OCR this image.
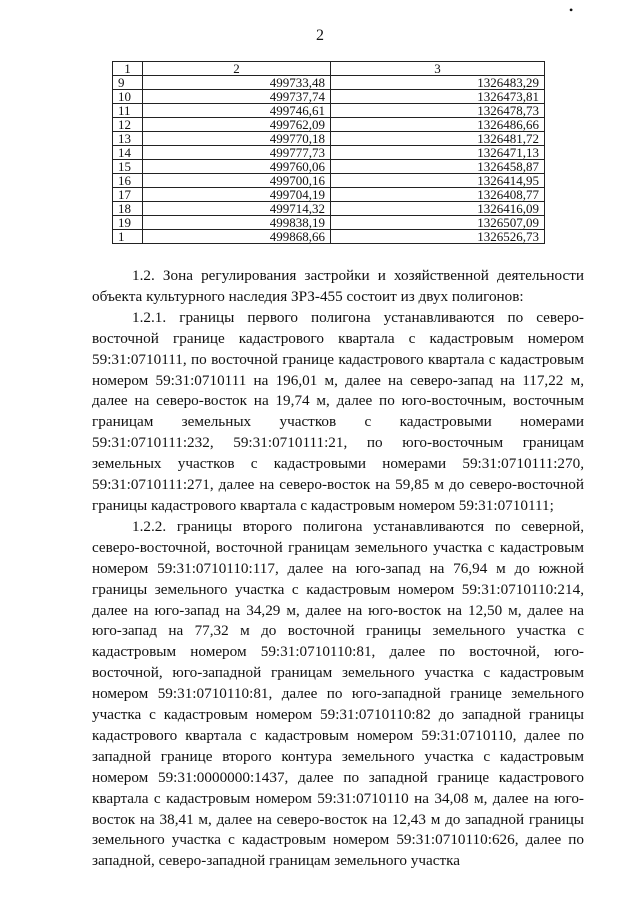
•
2
1	2	3
9	499733,48	1326483,29
10	499737,74	1326473,81
11	499746,61	1326478,73
12	499762,09	1326486,66
13	499770,18	1326481,72
14	499777,73	1326471,13
15	499760,06	1326458,87
16	499700,16	1326414,95
17	499704,19	1326408,77
18	499714,32	1326416,09
19	499838,19	1326507,09
1	499868,66	1326526,73

1.2. Зона регулирования застройки и хозяйственной деятельности объекта культурного наследия ЗРЗ-455 состоит из двух полигонов:

1.2.1. границы первого полигона устанавливаются по северо-восточной границе кадастрового квартала с кадастровым номером 59:31:0710111, по восточной границе кадастрового квартала с кадастровым номером 59:31:0710111 на 196,01 м, далее на северо-запад на 117,22 м, далее на северо-восток на 19,74 м, далее по юго-восточным, восточным границам земельных участков с кадастровыми номерами 59:31:0710111:232, 59:31:0710111:21, по юго-восточным границам земельных участков с кадастровыми номерами 59:31:0710111:270, 59:31:0710111:271, далее на северо-восток на 59,85 м до северо-восточной границы кадастрового квартала с кадастровым номером 59:31:0710111;

1.2.2. границы второго полигона устанавливаются по северной, северо-восточной, восточной границам земельного участка с кадастровым номером 59:31:0710110:117, далее на юго-запад на 76,94 м до южной границы земельного участка с кадастровым номером 59:31:0710110:214, далее на юго-запад на 34,29 м, далее на юго-восток на 12,50 м, далее на юго-запад на 77,32 м до восточной границы земельного участка с кадастровым номером 59:31:0710110:81, далее по восточной, юго-восточной, юго-западной границам земельного участка с кадастровым номером 59:31:0710110:81, далее по юго-западной границе земельного участка с кадастровым номером 59:31:0710110:82 до западной границы кадастрового квартала с кадастровым номером 59:31:0710110, далее по западной границе второго контура земельного участка с кадастровым номером 59:31:0000000:1437, далее по западной границе кадастрового квартала с кадастровым номером 59:31:0710110 на 34,08 м, далее на юго-восток на 38,41 м, далее на северо-восток на 12,43 м до западной границы земельного участка с кадастровым номером 59:31:0710110:626, далее по западной, северо-западной границам земельного участка
